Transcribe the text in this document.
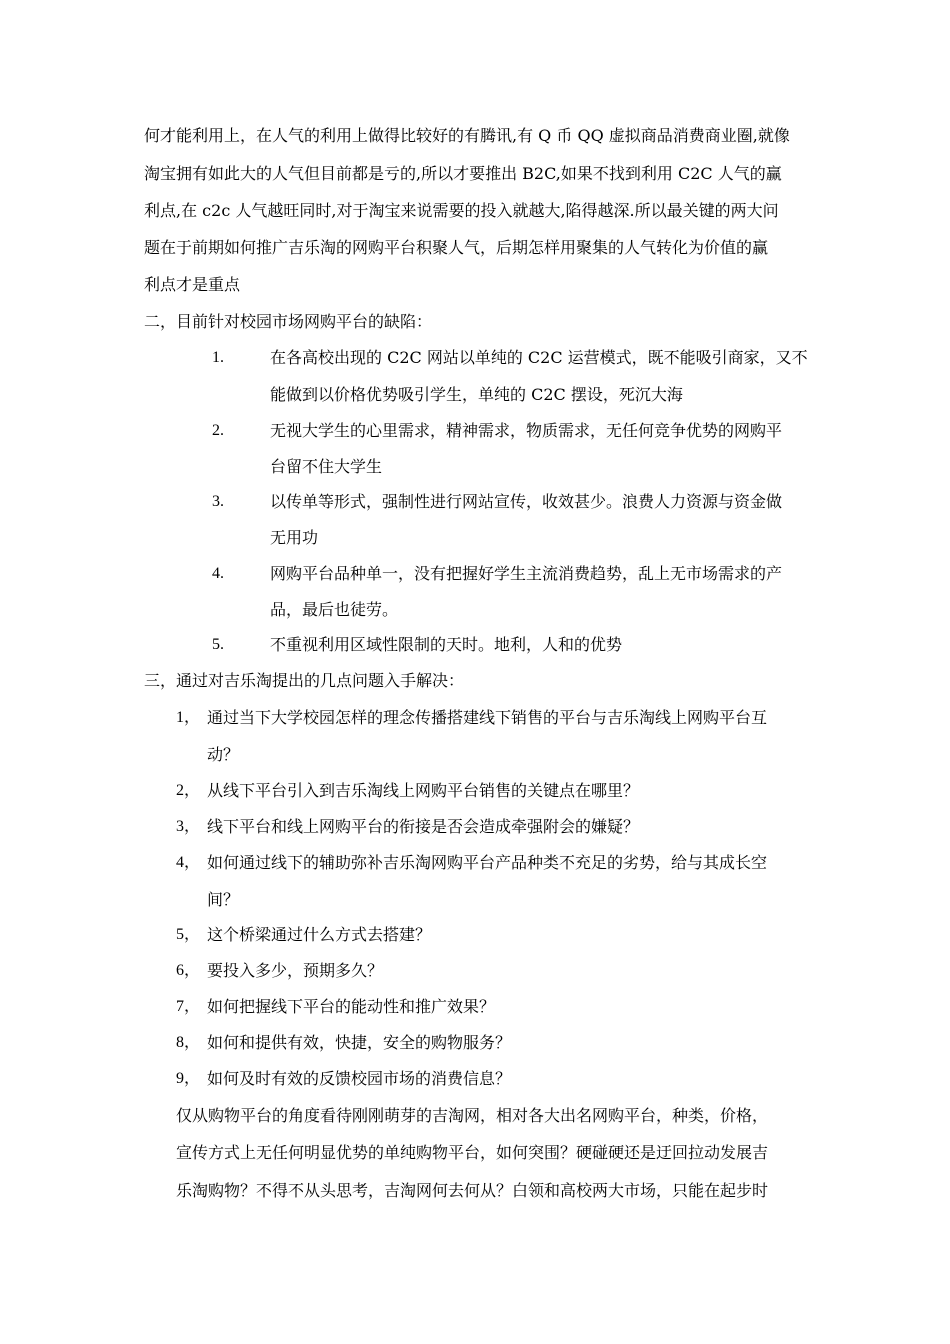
何才能利用上，在人气的利用上做得比较好的有腾讯,有 Q 币 QQ 虚拟商品消费商业圈,就像
淘宝拥有如此大的人气但目前都是亏的,所以才要推出 B2C,如果不找到利用 C2C 人气的赢
利点,在 c2c 人气越旺同时,对于淘宝来说需要的投入就越大,陷得越深.所以最关键的两大问
题在于前期如何推广吉乐淘的网购平台积聚人气，后期怎样用聚集的人气转化为价值的赢
利点才是重点
二，目前针对校园市场网购平台的缺陷：
1.	在各高校出现的 C2C 网站以单纯的 C2C 运营模式，既不能吸引商家，又不
能做到以价格优势吸引学生，单纯的 C2C 摆设，死沉大海
2.	无视大学生的心里需求，精神需求，物质需求，无任何竞争优势的网购平
台留不住大学生
3.	以传单等形式，强制性进行网站宣传，收效甚少。浪费人力资源与资金做
无用功
4.	网购平台品种单一，没有把握好学生主流消费趋势，乱上无市场需求的产
品，最后也徒劳。
5.	不重视利用区域性限制的天时。地利，人和的优势
三，通过对吉乐淘提出的几点问题入手解决：
1， 通过当下大学校园怎样的理念传播搭建线下销售的平台与吉乐淘线上网购平台互
动？
2， 从线下平台引入到吉乐淘线上网购平台销售的关键点在哪里？
3， 线下平台和线上网购平台的衔接是否会造成牵强附会的嫌疑？
4， 如何通过线下的辅助弥补吉乐淘网购平台产品种类不充足的劣势，给与其成长空
间？
5， 这个桥梁通过什么方式去搭建？
6， 要投入多少，预期多久？
7， 如何把握线下平台的能动性和推广效果？
8， 如何和提供有效，快捷，安全的购物服务？
9， 如何及时有效的反馈校园市场的消费信息？
仅从购物平台的角度看待刚刚萌芽的吉淘网，相对各大出名网购平台，种类，价格，
宣传方式上无任何明显优势的单纯购物平台，如何突围？硬碰硬还是迂回拉动发展吉
乐淘购物？不得不从头思考，吉淘网何去何从？白领和高校两大市场，只能在起步时
